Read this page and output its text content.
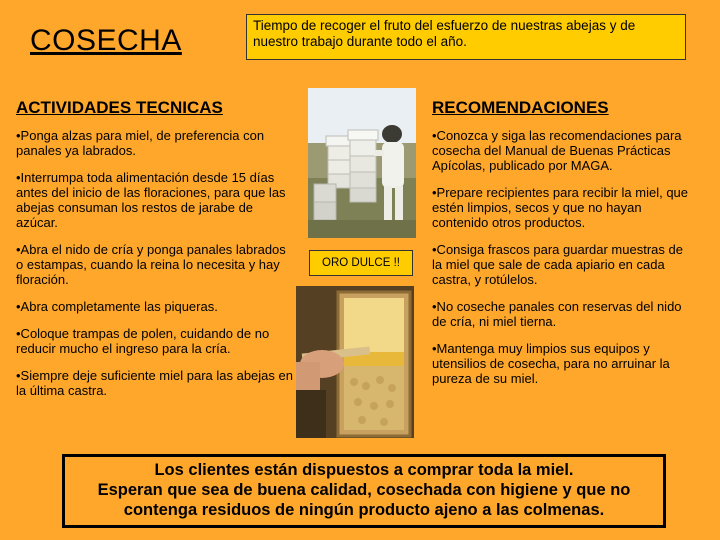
COSECHA	Tiempo de recoger el fruto del esfuerzo de nuestras abejas y de nuestro trabajo durante todo el año.
ACTIVIDADES TECNICAS	RECOMENDACIONES
•Ponga alzas para miel, de preferencia con panales ya labrados.
•Interrumpa toda alimentación desde 15 días antes del inicio de las floraciones, para que las abejas consuman los restos de jarabe de azúcar.
•Abra el nido de cría y ponga panales labrados o estampas, cuando la reina lo necesita y hay floración.
•Abra completamente las piqueras.
•Coloque trampas de polen, cuidando de no reducir mucho el ingreso para la cría.
•Siempre deje suficiente miel para las abejas en la última castra.
•Conozca y siga las recomendaciones para cosecha del Manual de Buenas Prácticas Apícolas, publicado por MAGA.
•Prepare recipientes para recibir la miel, que estén limpios, secos y que no hayan contenido otros productos.
•Consiga frascos para guardar muestras de la miel que sale de cada apiario en cada castra, y rotúlelos.
•No coseche panales con reservas del nido de cría, ni miel tierna.
•Mantenga muy limpios sus equipos y utensilios de cosecha, para no arruinar la pureza de su miel.
ORO DULCE !!
Los clientes están dispuestos a comprar toda la miel.
Esperan que sea de buena calidad, cosechada con higiene y que no
contenga residuos de ningún producto ajeno a las colmenas.
